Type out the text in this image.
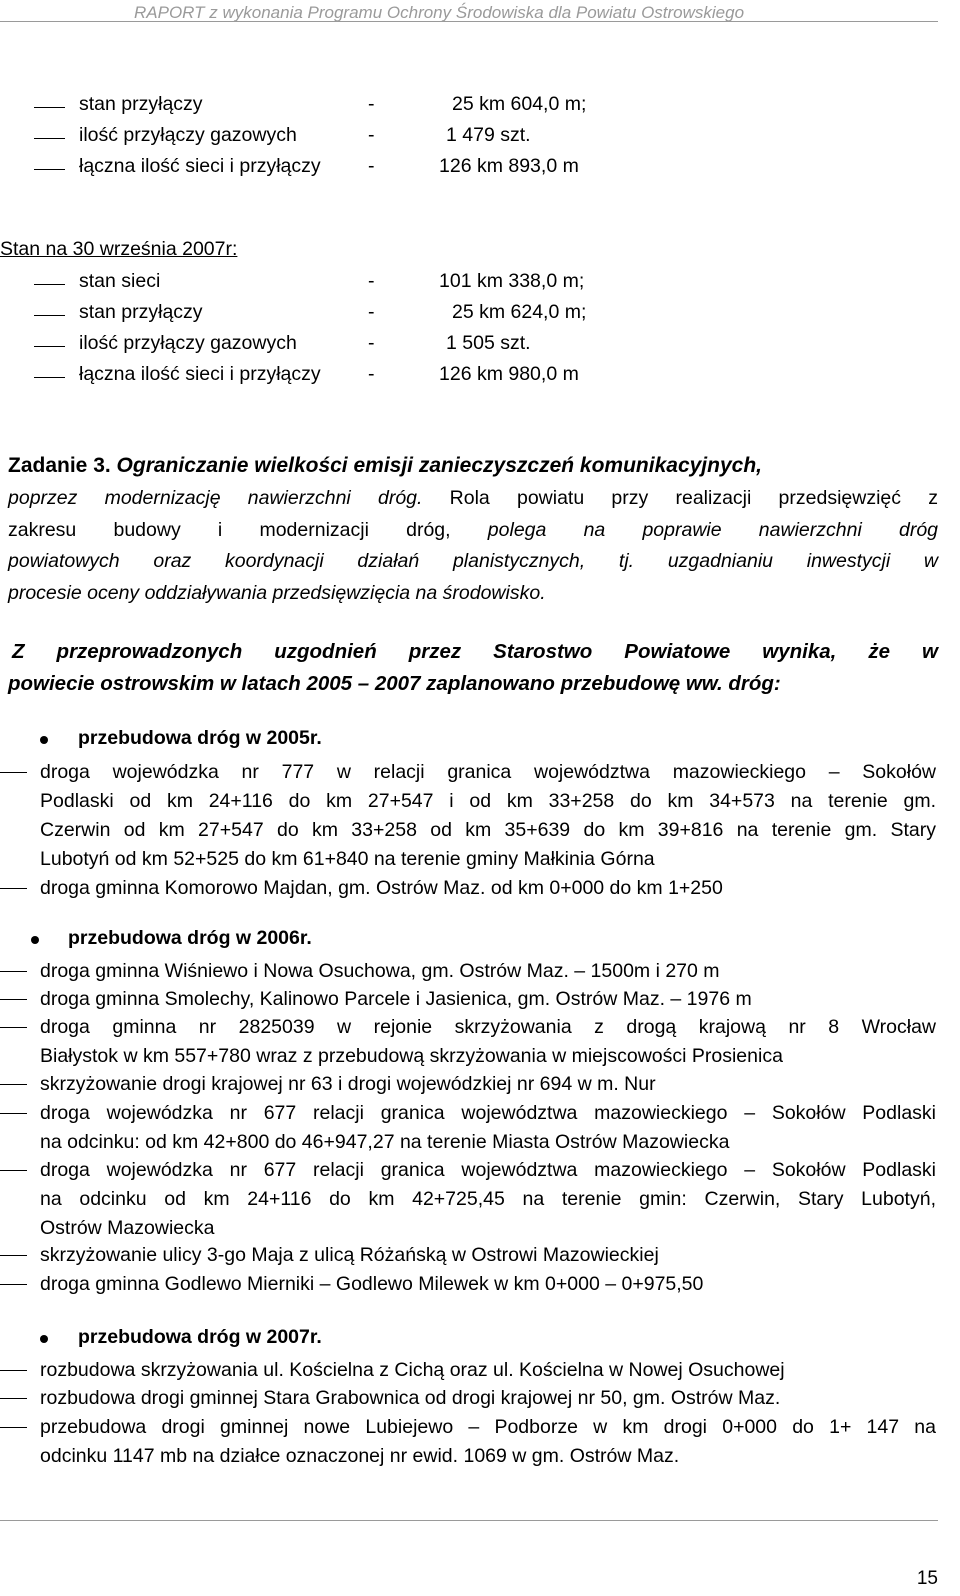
RAPORT z wykonania Programu Ochrony Środowiska dla Powiatu Ostrowskiego
stan przyłączy	-	25 km 604,0 m;
ilość przyłączy gazowych	-	1 479 szt.
łączna ilość sieci i przyłączy -	126 km 893,0 m
Stan na 30 września 2007r:
stan sieci	-	101 km 338,0 m;
stan przyłączy	-	25 km 624,0 m;
ilość przyłączy gazowych	-	1 505 szt.
łączna ilość sieci i przyłączy -	126 km 980,0 m
Zadanie 3. Ograniczanie wielkości emisji zanieczyszczeń komunikacyjnych,
poprzez modernizację nawierzchni dróg. Rola powiatu przy realizacji przedsięwzięć z
zakresu budowy i modernizacji dróg, polega na poprawie nawierzchni dróg
powiatowych oraz koordynacji działań planistycznych, tj. uzgadnianiu inwestycji w
procesie oceny oddziaływania przedsięwzięcia na środowisko.
Z przeprowadzonych uzgodnień przez Starostwo Powiatowe wynika, że w
powiecie ostrowskim w latach 2005 – 2007 zaplanowano przebudowę ww. dróg:
przebudowa dróg w 2005r.
droga wojewódzka nr 777 w relacji granica województwa mazowieckiego – Sokołów
Podlaski od km 24+116 do km 27+547 i od km 33+258 do km 34+573 na terenie gm.
Czerwin od km 27+547 do km 33+258 od km 35+639 do km 39+816 na terenie gm. Stary
Lubotyń od km 52+525 do km 61+840 na terenie gminy Małkinia Górna
droga gminna Komorowo Majdan, gm. Ostrów Maz. od km 0+000 do km 1+250
przebudowa dróg w 2006r.
droga gminna Wiśniewo i Nowa Osuchowa, gm. Ostrów Maz. – 1500m i 270 m
droga gminna Smolechy, Kalinowo Parcele i Jasienica, gm. Ostrów Maz. – 1976 m
droga gminna nr 2825039 w rejonie skrzyżowania z drogą krajową nr 8 Wrocław
Białystok w km 557+780 wraz z przebudową skrzyżowania w miejscowości Prosienica
skrzyżowanie drogi krajowej nr 63 i drogi wojewódzkiej nr 694 w m. Nur
droga wojewódzka nr 677 relacji granica województwa mazowieckiego – Sokołów Podlaski
na odcinku: od km 42+800 do 46+947,27 na terenie Miasta Ostrów Mazowiecka
droga wojewódzka nr 677 relacji granica województwa mazowieckiego – Sokołów Podlaski
na odcinku od km 24+116 do km 42+725,45 na terenie gmin: Czerwin, Stary Lubotyń,
Ostrów Mazowiecka
skrzyżowanie ulicy 3-go Maja z ulicą Różańską w Ostrowi Mazowieckiej
droga gminna Godlewo Mierniki – Godlewo Milewek w km 0+000 – 0+975,50
przebudowa dróg w 2007r.
rozbudowa skrzyżowania ul. Kościelna z Cichą oraz ul. Kościelna w Nowej Osuchowej
rozbudowa drogi gminnej Stara Grabownica od drogi krajowej nr 50, gm. Ostrów Maz.
przebudowa drogi gminnej nowe Lubiejewo – Podborze w km drogi 0+000 do 1+ 147 na
odcinku 1147 mb na działce oznaczonej nr ewid. 1069 w gm. Ostrów Maz.
15
